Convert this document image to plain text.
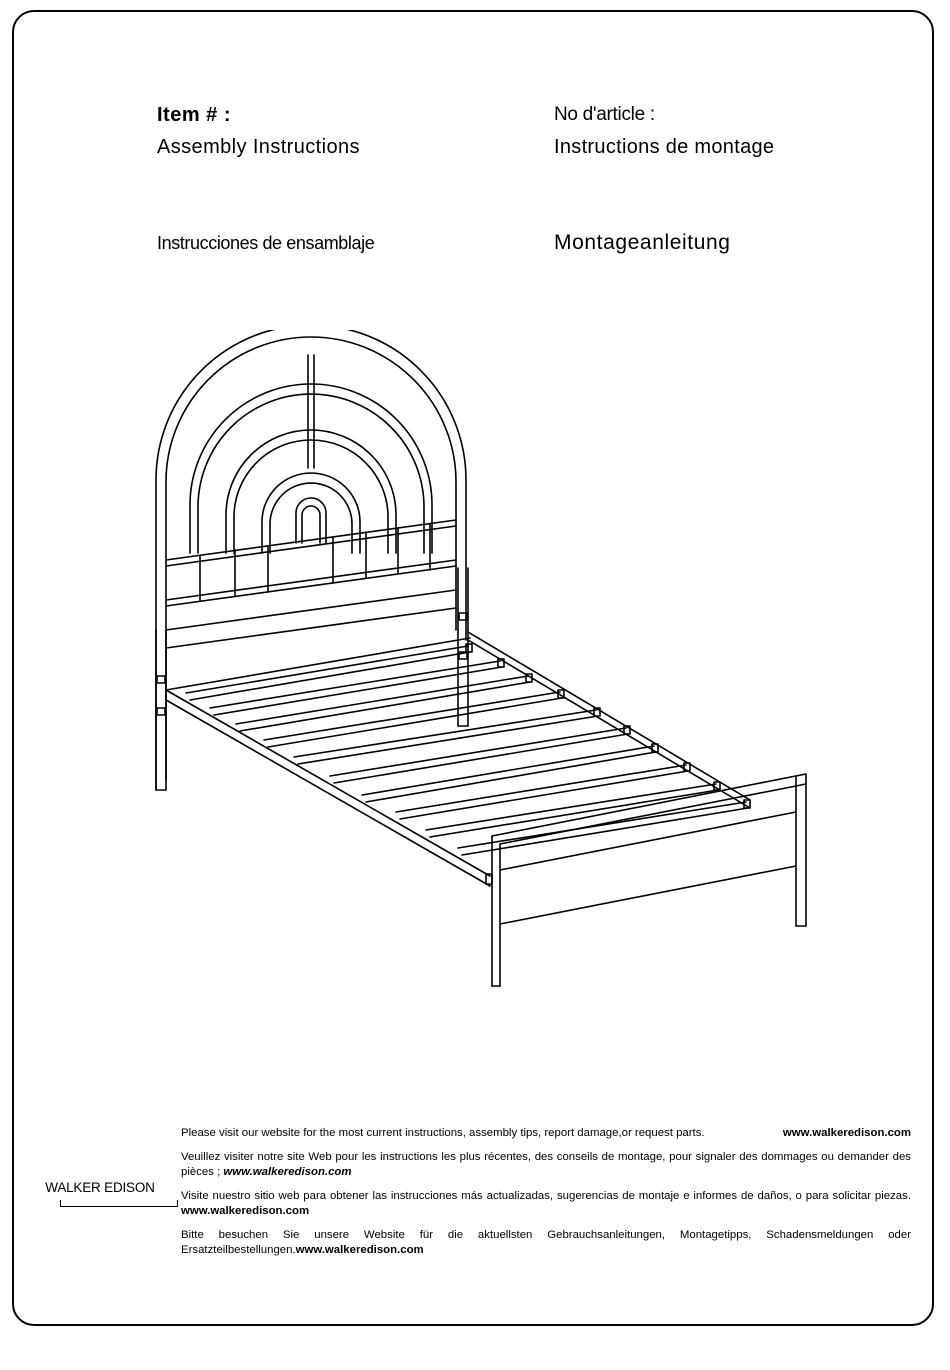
Item # :
Assembly Instructions
No d'article :
Instructions de montage
Instrucciones de ensamblaje	Montageanleitung
WALKER EDISON

Please visit our website for the most current instructions, assembly tips, report damage,or request parts.	www.walkeredison.com

Veuillez visiter notre site Web pour les instructions les plus récentes, des conseils de montage, pour signaler des dommages ou demander des pièces ; www.walkeredison.com

Visite nuestro sitio web para obtener las instrucciones más actualizadas, sugerencias de montaje e informes de daños, o para solicitar piezas. www.walkeredison.com

Bitte besuchen Sie unsere Website für die aktuellsten Gebrauchsanleitungen, Montagetipps, Schadensmeldungen oder Ersatzteilbestellungen.www.walkeredison.com
